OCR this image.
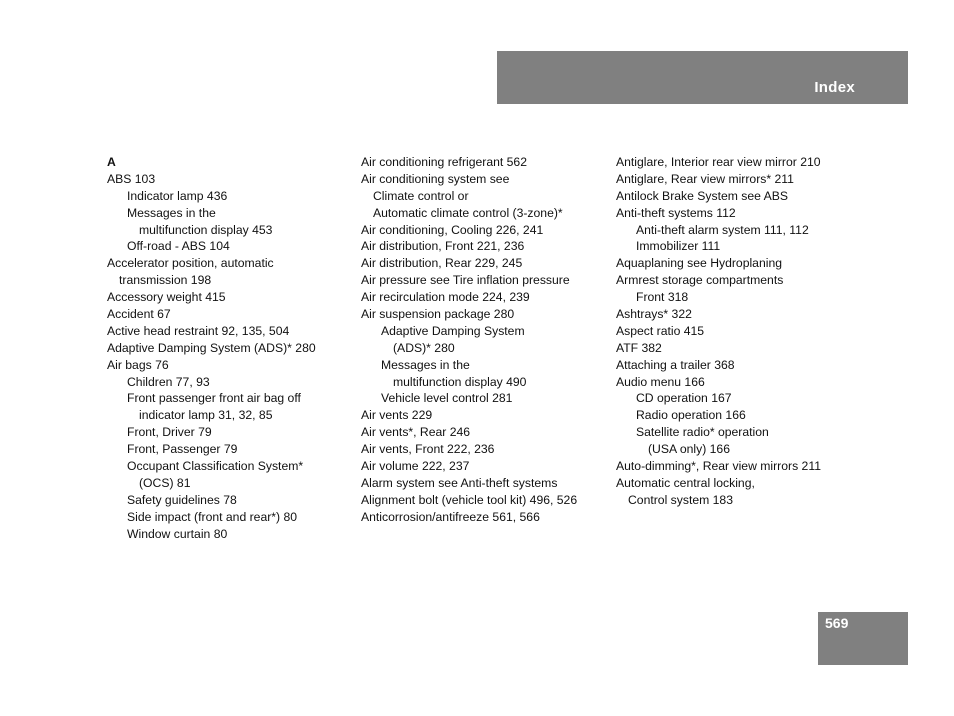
Index
A
ABS 103
Indicator lamp 436
Messages in the
multifunction display 453
Off-road - ABS 104
Accelerator position, automatic
transmission 198
Accessory weight 415
Accident 67
Active head restraint 92, 135, 504
Adaptive Damping System (ADS)* 280
Air bags 76
Children 77, 93
Front passenger front air bag off
indicator lamp 31, 32, 85
Front, Driver 79
Front, Passenger 79
Occupant Classification System*
(OCS) 81
Safety guidelines 78
Side impact (front and rear*) 80
Window curtain 80
Air conditioning refrigerant 562
Air conditioning system see
Climate control or
Automatic climate control (3-zone)*
Air conditioning, Cooling 226, 241
Air distribution, Front 221, 236
Air distribution, Rear 229, 245
Air pressure see Tire inflation pressure
Air recirculation mode 224, 239
Air suspension package 280
Adaptive Damping System
(ADS)* 280
Messages in the
multifunction display 490
Vehicle level control 281
Air vents 229
Air vents*, Rear 246
Air vents, Front 222, 236
Air volume 222, 237
Alarm system see Anti-theft systems
Alignment bolt (vehicle tool kit) 496, 526
Anticorrosion/antifreeze 561, 566
Antiglare, Interior rear view mirror 210
Antiglare, Rear view mirrors* 211
Antilock Brake System see ABS
Anti-theft systems 112
Anti-theft alarm system 111, 112
Immobilizer 111
Aquaplaning see Hydroplaning
Armrest storage compartments
Front 318
Ashtrays* 322
Aspect ratio 415
ATF 382
Attaching a trailer 368
Audio menu 166
CD operation 167
Radio operation 166
Satellite radio* operation
(USA only) 166
Auto-dimming*, Rear view mirrors 211
Automatic central locking,
Control system 183
569
